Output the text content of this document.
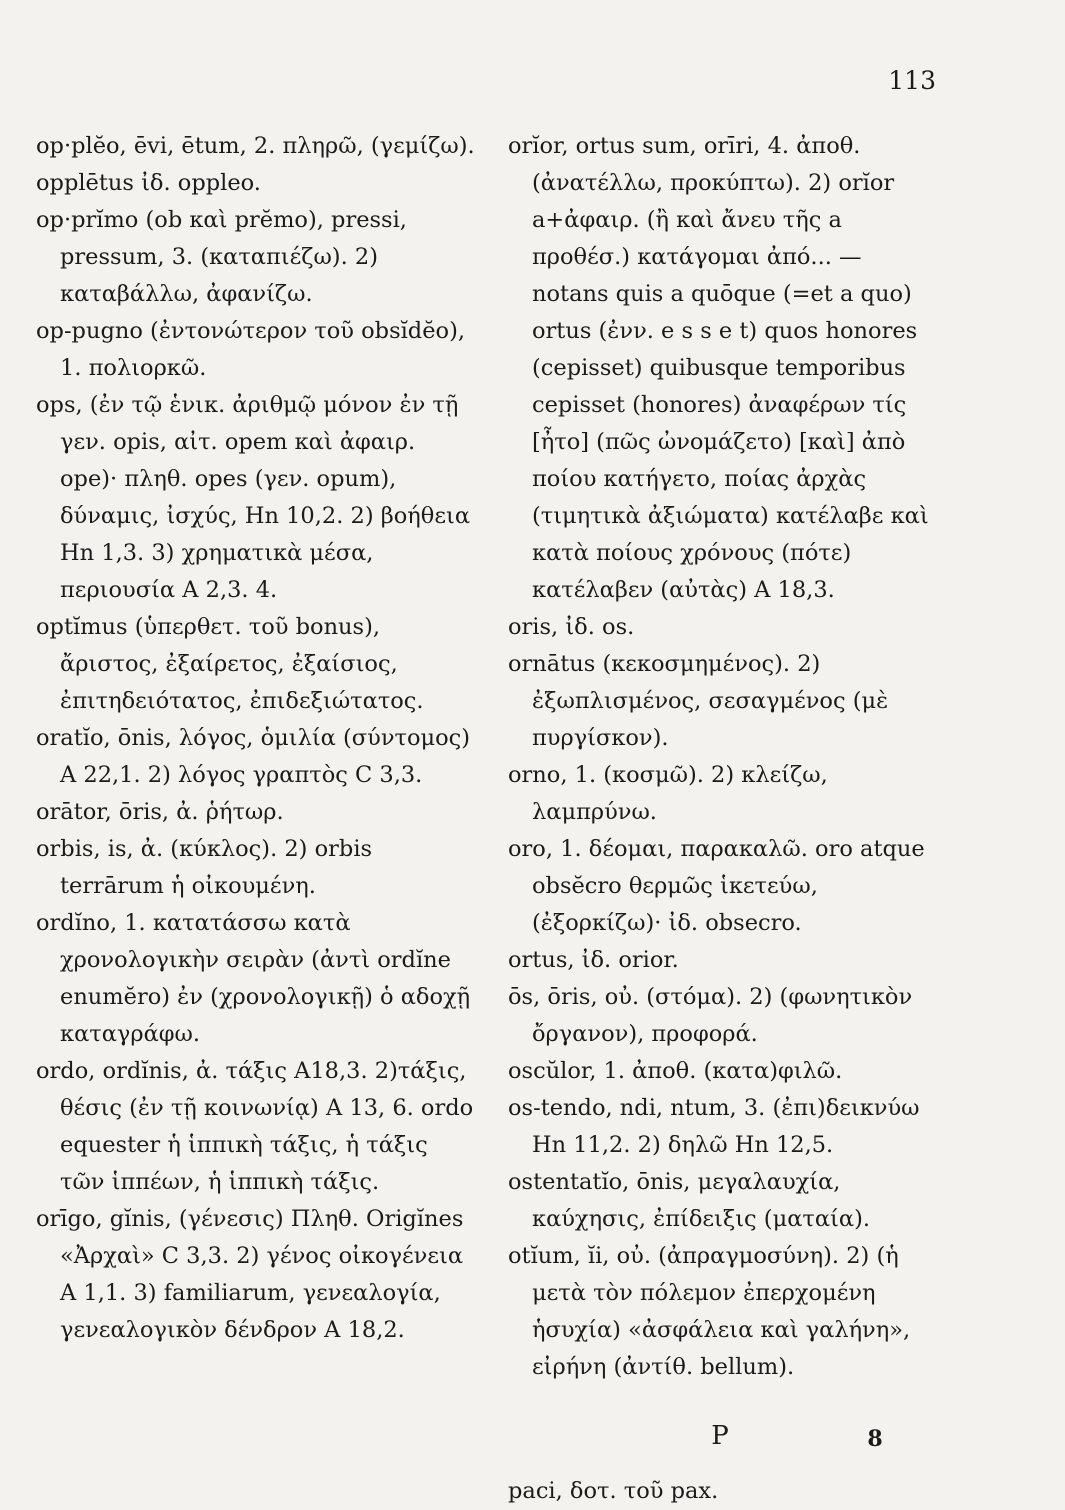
113

op·plĕo, ēvi, ētum, 2. πληρῶ, (γεμίζω).

opplētus ἰδ. oppleo.

op·prĭmo (ob καὶ prĕmo), pressi, pressum, 3. (καταπιέζω). 2) καταβάλλω, ἀφανίζω.

op-pugno (ἐντονώτερον τοῦ obsĭdĕo), 1. πολιορκῶ.

ops, (ἐν τῷ ἑνικ. ἀριθμῷ μόνον ἐν τῇ γεν. opis, αἰτ. opem καὶ ἀφαιρ. ope)· πληθ. opes (γεν. opum), δύναμις, ἰσχύς, Hn 10,2. 2) βοήθεια Hn 1,3. 3) χρηματικὰ μέσα, περιουσία A 2,3. 4.

optĭmus (ὑπερθετ. τοῦ bonus), ἄριστος, ἐξαίρετος, ἐξαίσιος, ἐπιτηδειότατος, ἐπιδεξιώτατος.

oratĭo, ōnis, λόγος, ὁμιλία (σύντομος) A 22,1. 2) λόγος γραπτὸς C 3,3.

orātor, ōris, ἀ. ῥήτωρ.

orbis, is, ἀ. (κύκλος). 2) orbis terrārum ἡ οἰκουμένη.

ordĭno, 1. κατατάσσω κατὰ χρονολογικὴν σειρὰν (ἀντὶ ordĭne enumĕro) ἐν (χρονολογικῇ) ὁ αδοχῇ καταγράφω.

ordo, ordĭnis, ἀ. τάξις A18,3. 2)τάξις, θέσις (ἐν τῇ κοινωνίᾳ) A 13, 6. ordo equester ἡ ἱππικὴ τάξις, ἡ τάξις τῶν ἱππέων, ἡ ἱππικὴ τάξις.

orīgo, gĭnis, (γένεσις) Πληθ. Origĭnes «Ἀρχαὶ» C 3,3. 2) γένος οἰκογένεια A 1,1. 3) familiarum, γενεαλογία, γενεαλογικὸν δένδρον A 18,2.

orĭor, ortus sum, orīri, 4. ἀποθ. (ἀνατέλλω, προκύπτω). 2) orĭor a+ἀφαιρ. (ἢ καὶ ἄνευ τῆς a προθέσ.) κατάγομαι ἀπό... — notans quis a quōque (=et a quo) ortus (ἐνν. e s s e t) quos honores (cepisset) quibusque tempori̇bus cepisset (honores) ἀναφέρων τίς [ἦτο] (πῶς ὠνομάζετο) [καὶ] ἀπὸ ποίου κατήγετο, ποίας ἀρχὰς (τιμητικὰ ἀξιώματα) κατέλαβε καὶ κατὰ ποίους χρόνους (πότε) κατέλαβεν (αὐτὰς) A 18,3.

oris, ἰδ. os.

ornātus (κεκοσμημένος). 2) ἐξωπλισμένος, σεσαγμένος (μὲ πυργίσκον).

orno, 1. (κοσμῶ). 2) κλείζω, λαμπρύνω.

oro, 1. δέομαι, παρακαλῶ. oro atque obsĕcro θερμῶς ἱκετεύω, (ἐξορκίζω)· ἰδ. obsecro.

ortus, ἰδ. orior.

ōs, ōris, οὐ. (στόμα). 2) (φωνητικὸν ὄργανον), προφορά.

oscŭlor, 1. ἀποθ. (κατα)φιλῶ.

os-tendo, ndi, ntum, 3. (ἐπι)δεικνύω Hn 11,2. 2) δηλῶ Hn 12,5.

ostentatĭo, ōnis, μεγαλαυχία, καύχησις, ἐπίδειξις (ματαία).

otĭum, ĭi, οὐ. (ἀπραγμοσύνη). 2) (ἡ μετὰ τὸν πόλεμον ἐπερχομένη ἡσυχία) «ἀσφάλεια καὶ γαλήνη», εἰρήνη (ἀντίθ. bellum).

P

paci, δοτ. τοῦ pax.

8
